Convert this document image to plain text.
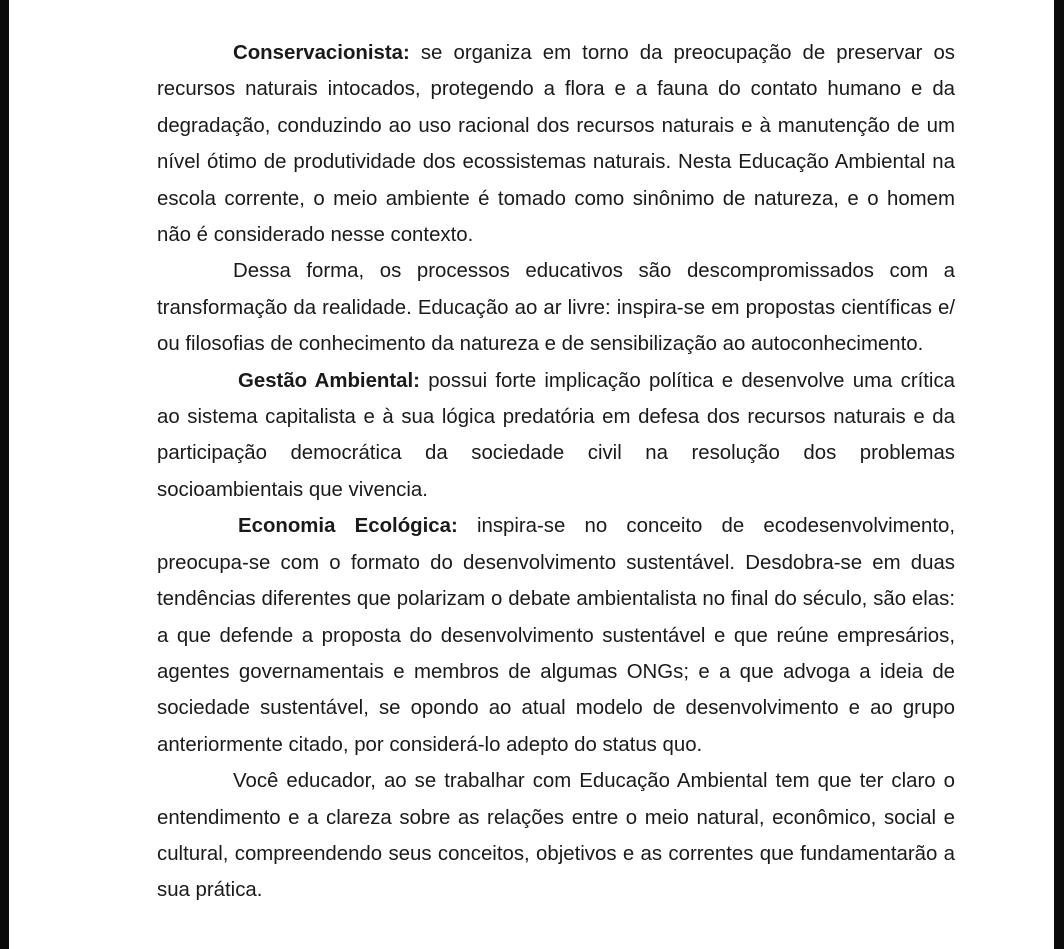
Conservacionista: se organiza em torno da preocupação de preservar os recursos naturais intocados, protegendo a flora e a fauna do contato humano e da degradação, conduzindo ao uso racional dos recursos naturais e à manutenção de um nível ótimo de produtividade dos ecossistemas naturais. Nesta Educação Ambiental na escola corrente, o meio ambiente é tomado como sinônimo de natureza, e o homem não é considerado nesse contexto.

Dessa forma, os processos educativos são descompromissados com a transformação da realidade. Educação ao ar livre: inspira-se em propostas científicas e/ ou filosofias de conhecimento da natureza e de sensibilização ao autoconhecimento.

Gestão Ambiental: possui forte implicação política e desenvolve uma crítica ao sistema capitalista e à sua lógica predatória em defesa dos recursos naturais e da participação democrática da sociedade civil na resolução dos problemas socioambientais que vivencia.

Economia Ecológica: inspira-se no conceito de ecodesenvolvimento, preocupa-se com o formato do desenvolvimento sustentável. Desdobra-se em duas tendências diferentes que polarizam o debate ambientalista no final do século, são elas: a que defende a proposta do desenvolvimento sustentável e que reúne empresários, agentes governamentais e membros de algumas ONGs; e a que advoga a ideia de sociedade sustentável, se opondo ao atual modelo de desenvolvimento e ao grupo anteriormente citado, por considerá-lo adepto do status quo.

Você educador, ao se trabalhar com Educação Ambiental tem que ter claro o entendimento e a clareza sobre as relações entre o meio natural, econômico, social e cultural, compreendendo seus conceitos, objetivos e as correntes que fundamentarão a sua prática.
